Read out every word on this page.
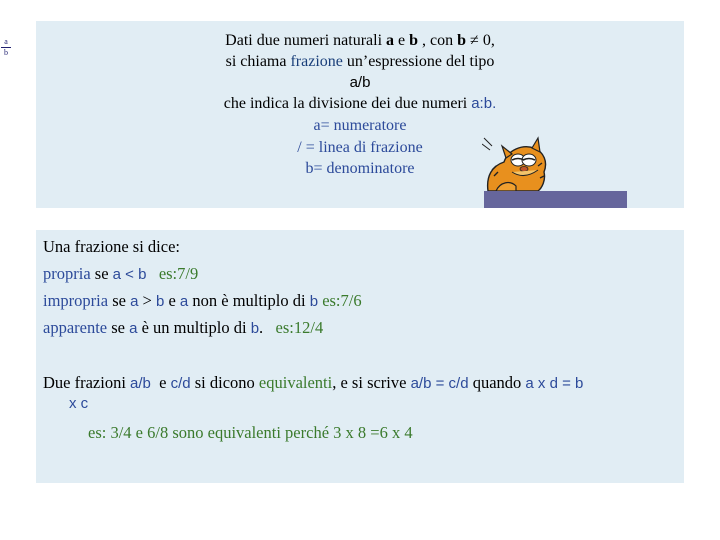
a
b
Dati due numeri naturali a e b , con b ≠ 0,
si chiama frazione un’espressione del tipo
a/b
che indica la divisione dei due numeri a:b.
a= numeratore
/ = linea di frazione
b= denominatore
Una frazione si dice:
propria se a < b es:7/9
impropria se a > b e a non è multiplo di b es:7/6
apparente se a è un multiplo di b. es:12/4
Due frazioni a/b  e c/d si dicono equivalenti, e si scrive a/b = c/d quando a x d = b
x c
es: 3/4 e 6/8 sono equivalenti perché 3 x 8 =6 x 4
